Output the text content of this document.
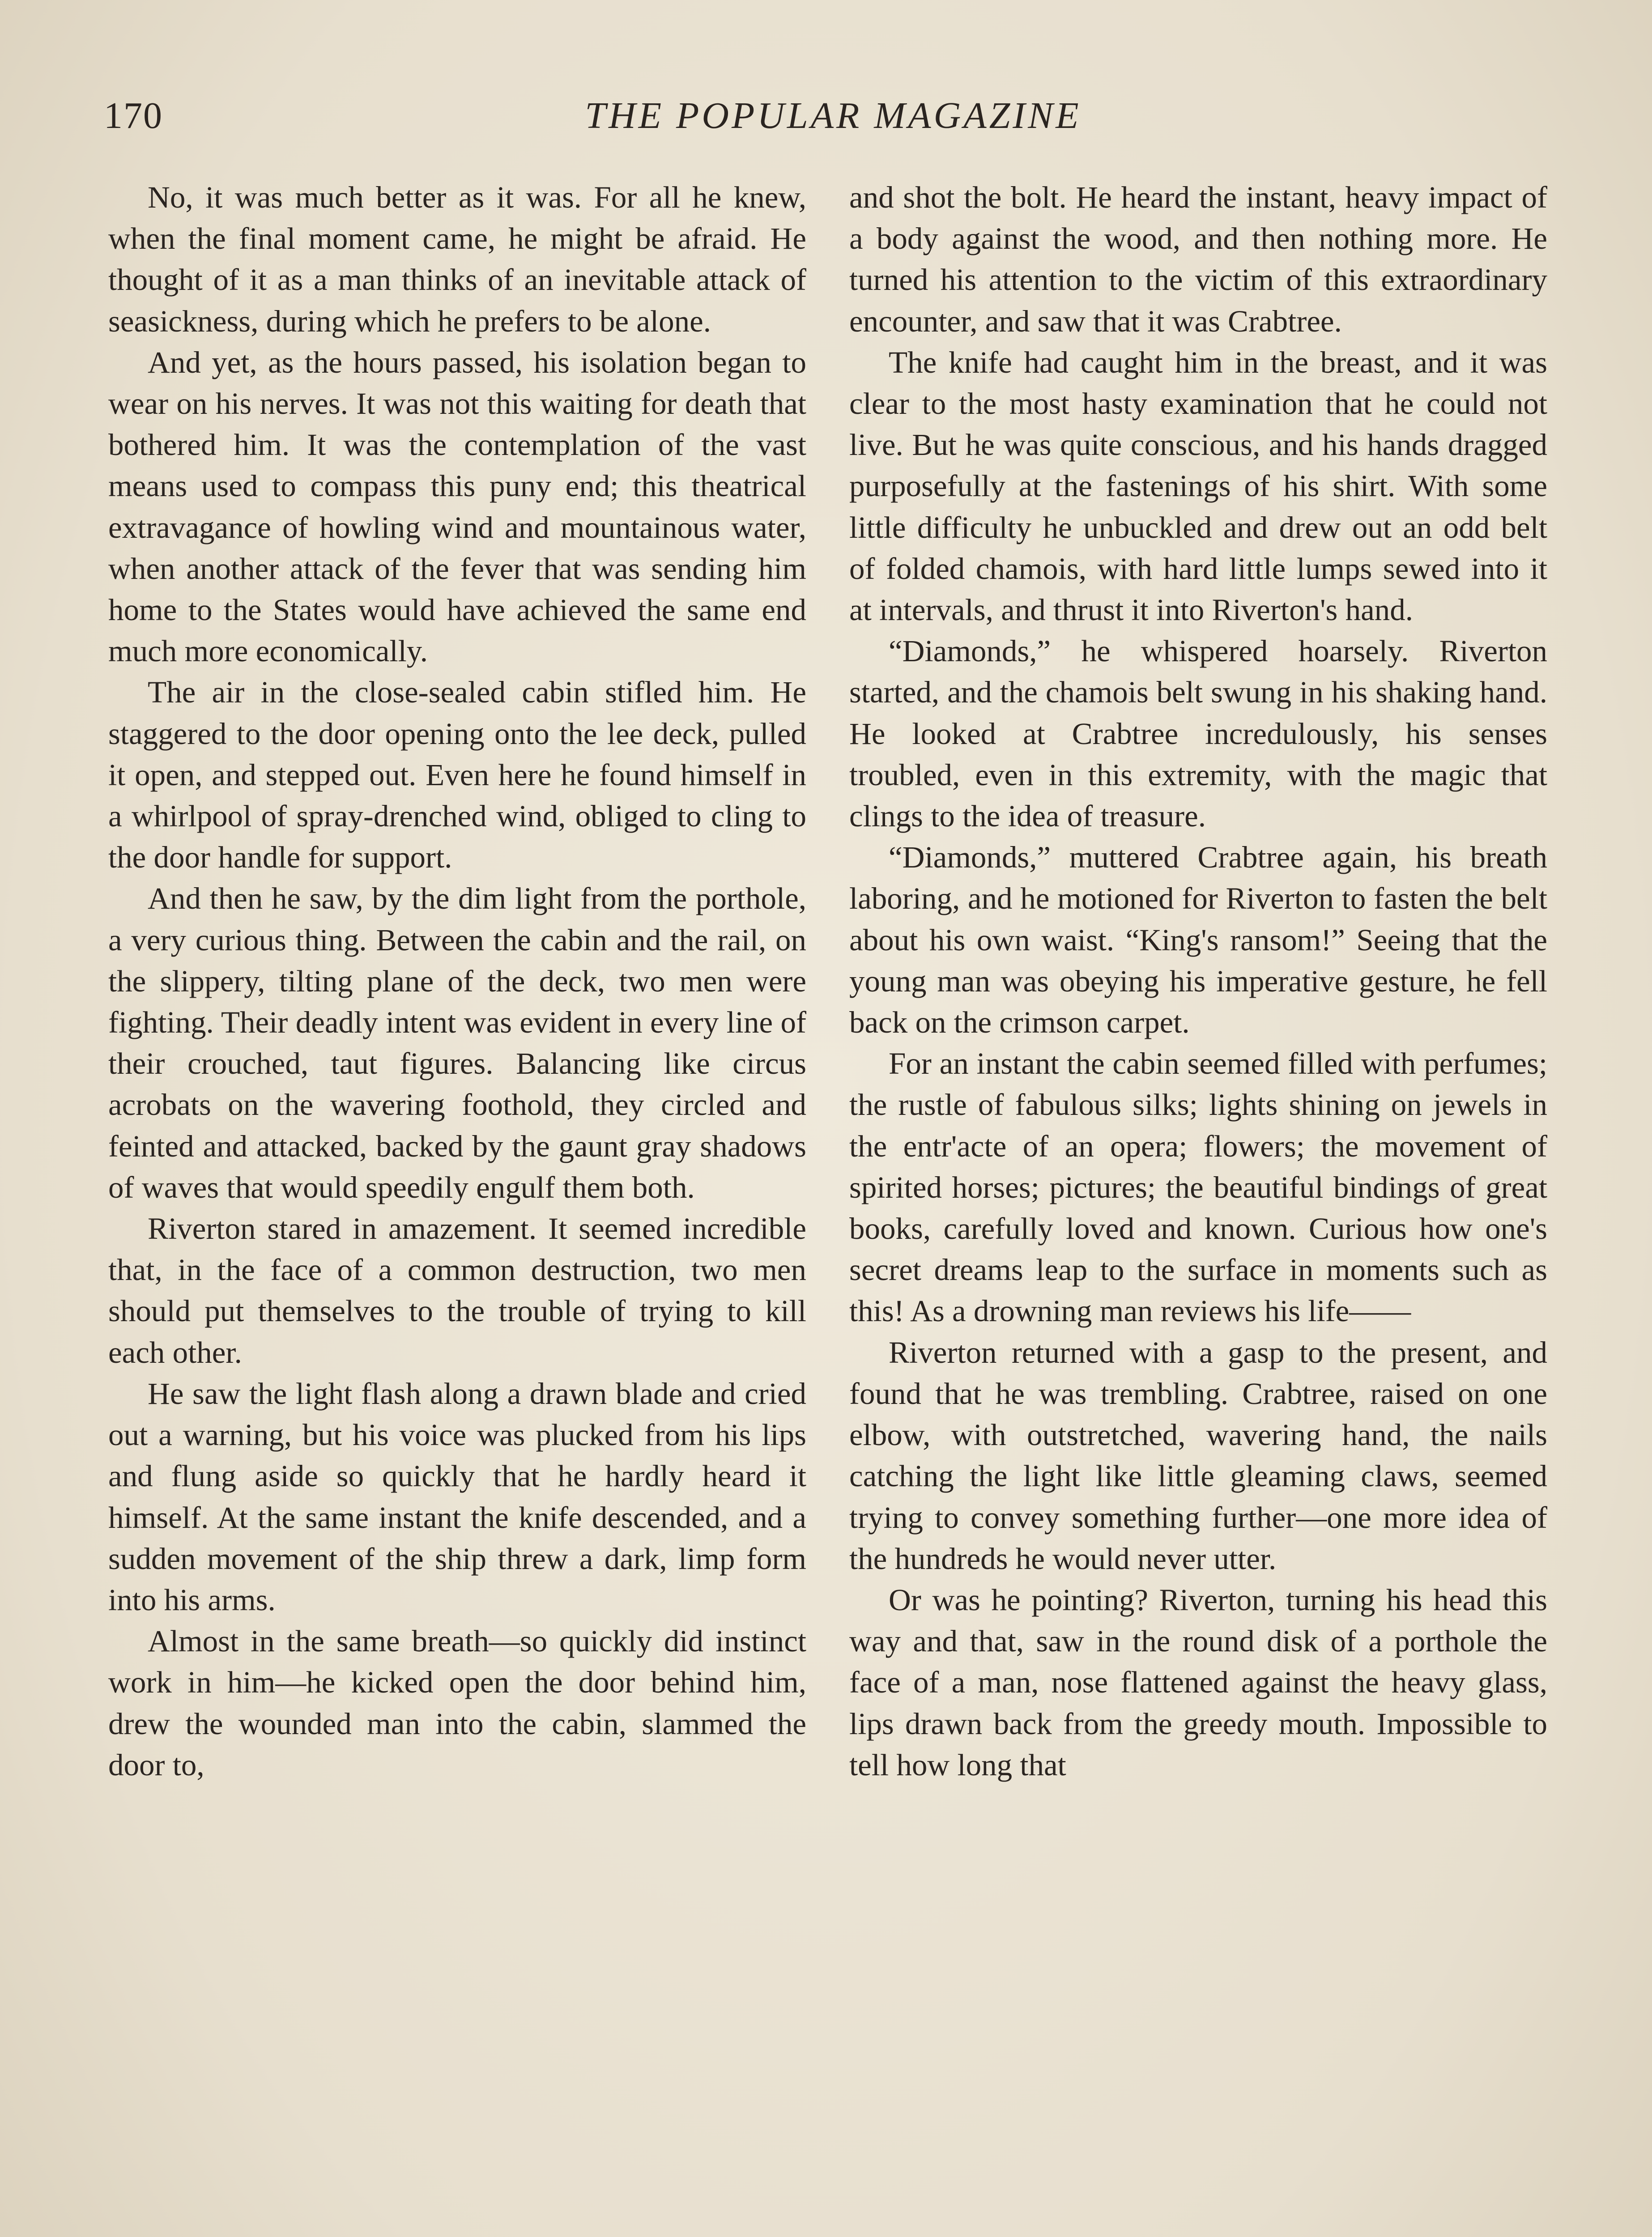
170	THE POPULAR MAGAZINE

No, it was much better as it was. For all he knew, when the final moment came, he might be afraid. He thought of it as a man thinks of an inevitable attack of seasickness, during which he prefers to be alone.

And yet, as the hours passed, his isolation began to wear on his nerves. It was not this waiting for death that bothered him. It was the contemplation of the vast means used to compass this puny end; this theatrical extravagance of howling wind and mountainous water, when another attack of the fever that was sending him home to the States would have achieved the same end much more economically.

The air in the close-sealed cabin stifled him. He staggered to the door opening onto the lee deck, pulled it open, and stepped out. Even here he found himself in a whirlpool of spray-drenched wind, obliged to cling to the door handle for support.

And then he saw, by the dim light from the porthole, a very curious thing. Between the cabin and the rail, on the slippery, tilting plane of the deck, two men were fighting. Their deadly intent was evident in every line of their crouched, taut figures. Balancing like circus acrobats on the wavering foothold, they circled and feinted and attacked, backed by the gaunt gray shadows of waves that would speedily engulf them both.

Riverton stared in amazement. It seemed incredible that, in the face of a common destruction, two men should put themselves to the trouble of trying to kill each other.

He saw the light flash along a drawn blade and cried out a warning, but his voice was plucked from his lips and flung aside so quickly that he hardly heard it himself. At the same instant the knife descended, and a sudden movement of the ship threw a dark, limp form into his arms.

Almost in the same breath—so quickly did instinct work in him—he kicked open the door behind him, drew the wounded man into the cabin, slammed the door to,

and shot the bolt. He heard the instant, heavy impact of a body against the wood, and then nothing more. He turned his attention to the victim of this extraordinary encounter, and saw that it was Crabtree.

The knife had caught him in the breast, and it was clear to the most hasty examination that he could not live. But he was quite conscious, and his hands dragged purposefully at the fastenings of his shirt. With some little difficulty he unbuckled and drew out an odd belt of folded chamois, with hard little lumps sewed into it at intervals, and thrust it into Riverton's hand.

“Diamonds,” he whispered hoarsely. Riverton started, and the chamois belt swung in his shaking hand. He looked at Crabtree incredulously, his senses troubled, even in this extremity, with the magic that clings to the idea of treasure.

“Diamonds,” muttered Crabtree again, his breath laboring, and he motioned for Riverton to fasten the belt about his own waist. “King's ransom!” Seeing that the young man was obeying his imperative gesture, he fell back on the crimson carpet.

For an instant the cabin seemed filled with perfumes; the rustle of fabulous silks; lights shining on jewels in the entr'acte of an opera; flowers; the movement of spirited horses; pictures; the beautiful bindings of great books, carefully loved and known. Curious how one's secret dreams leap to the surface in moments such as this! As a drowning man reviews his life——

Riverton returned with a gasp to the present, and found that he was trembling. Crabtree, raised on one elbow, with outstretched, wavering hand, the nails catching the light like little gleaming claws, seemed trying to convey something further—one more idea of the hundreds he would never utter.

Or was he pointing? Riverton, turning his head this way and that, saw in the round disk of a porthole the face of a man, nose flattened against the heavy glass, lips drawn back from the greedy mouth. Impossible to tell how long that
